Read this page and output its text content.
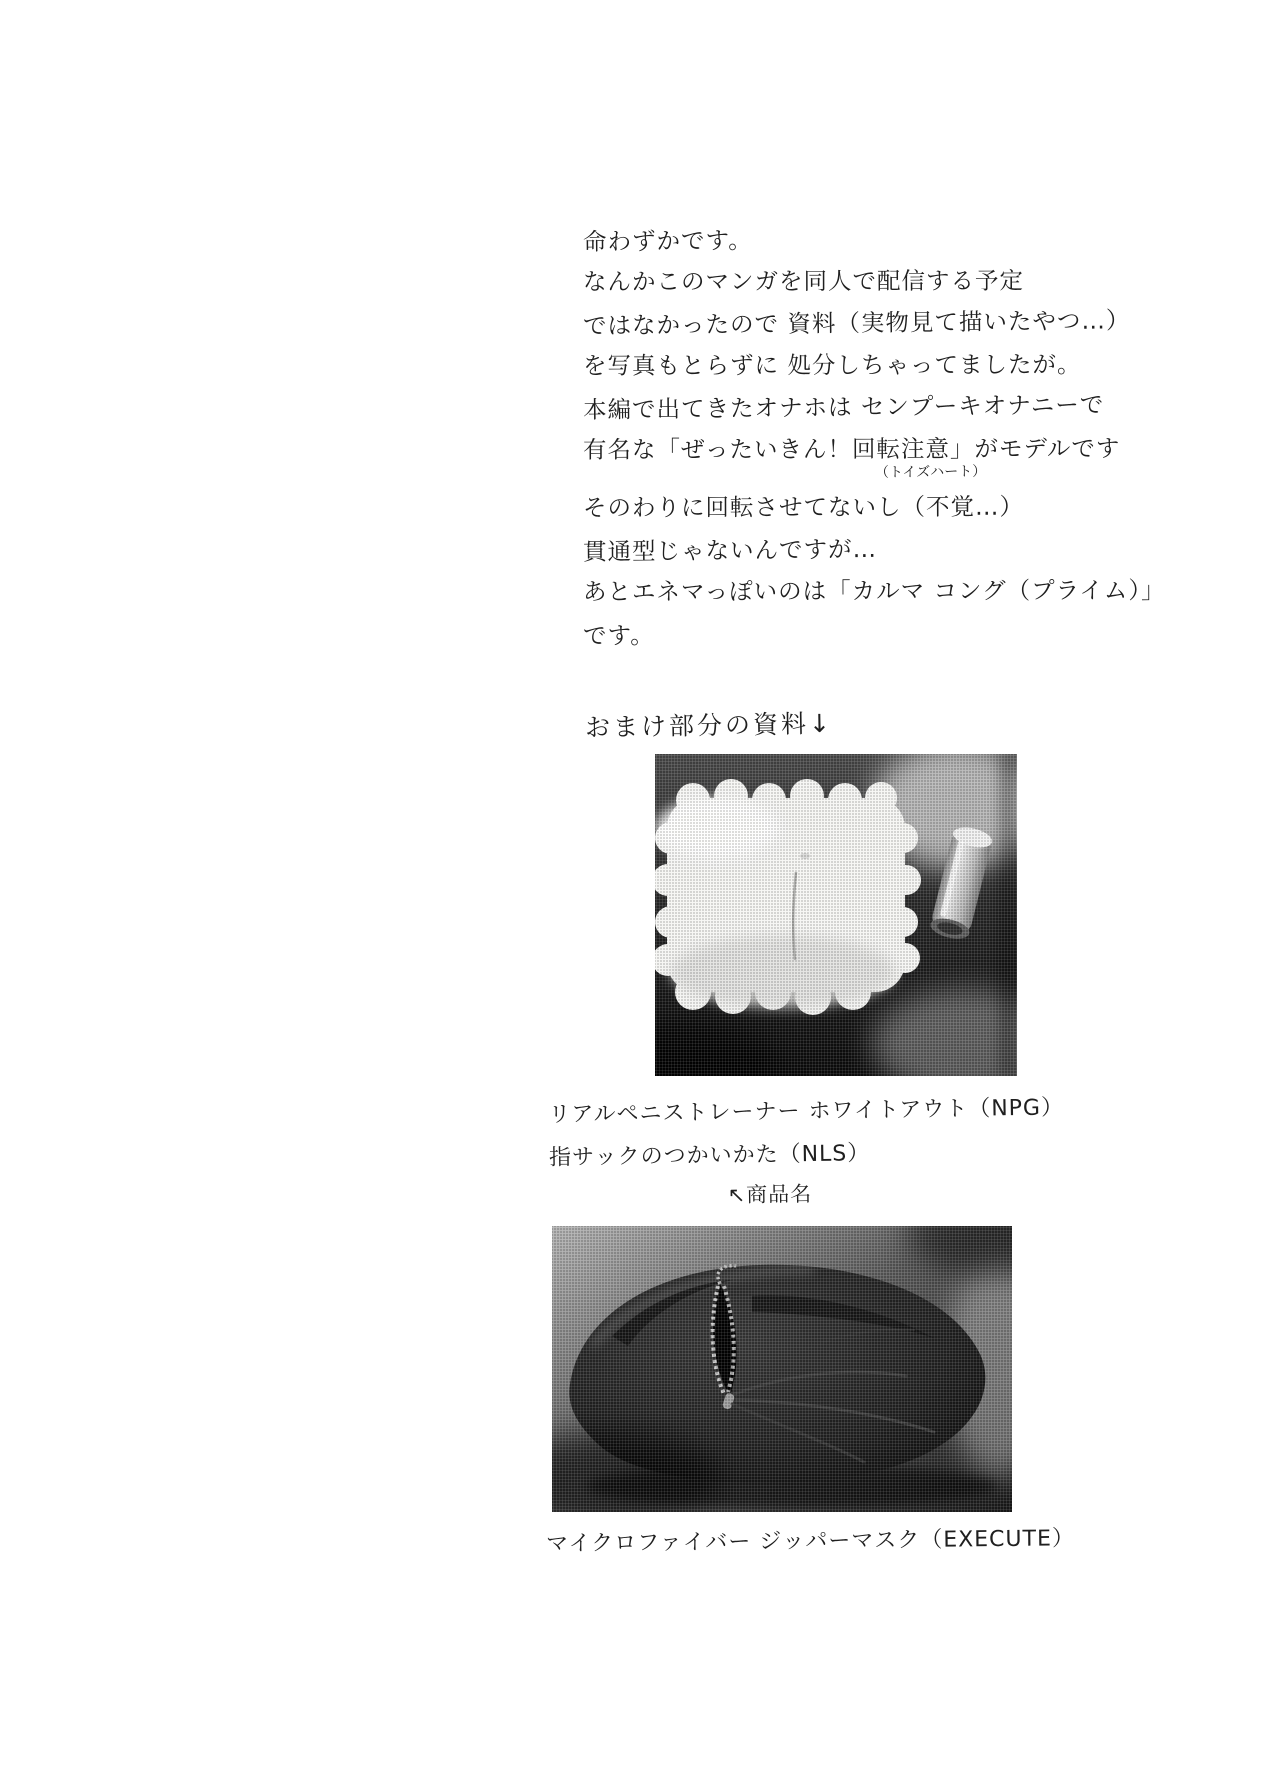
命わずかです。
なんかこのマンガを同人で配信する予定
ではなかったので 資料（実物見て描いたやつ…）
を写真もとらずに 処分しちゃってましたが。
本編で出てきたオナホは センプーキオナニーで
有名な「ぜったいきん！回転注意」がモデルです
（トイズハート）
そのわりに回転させてないし（不覚…）
貫通型じゃないんですが…
あとエネマっぽいのは「カルマ コング（プライム）」
です。
おまけ部分の資料↓
リアルペニストレーナー ホワイトアウト（NPG）
指サックのつかいかた（NLS）
↖商品名
マイクロファイバー ジッパーマスク（EXECUTE）
